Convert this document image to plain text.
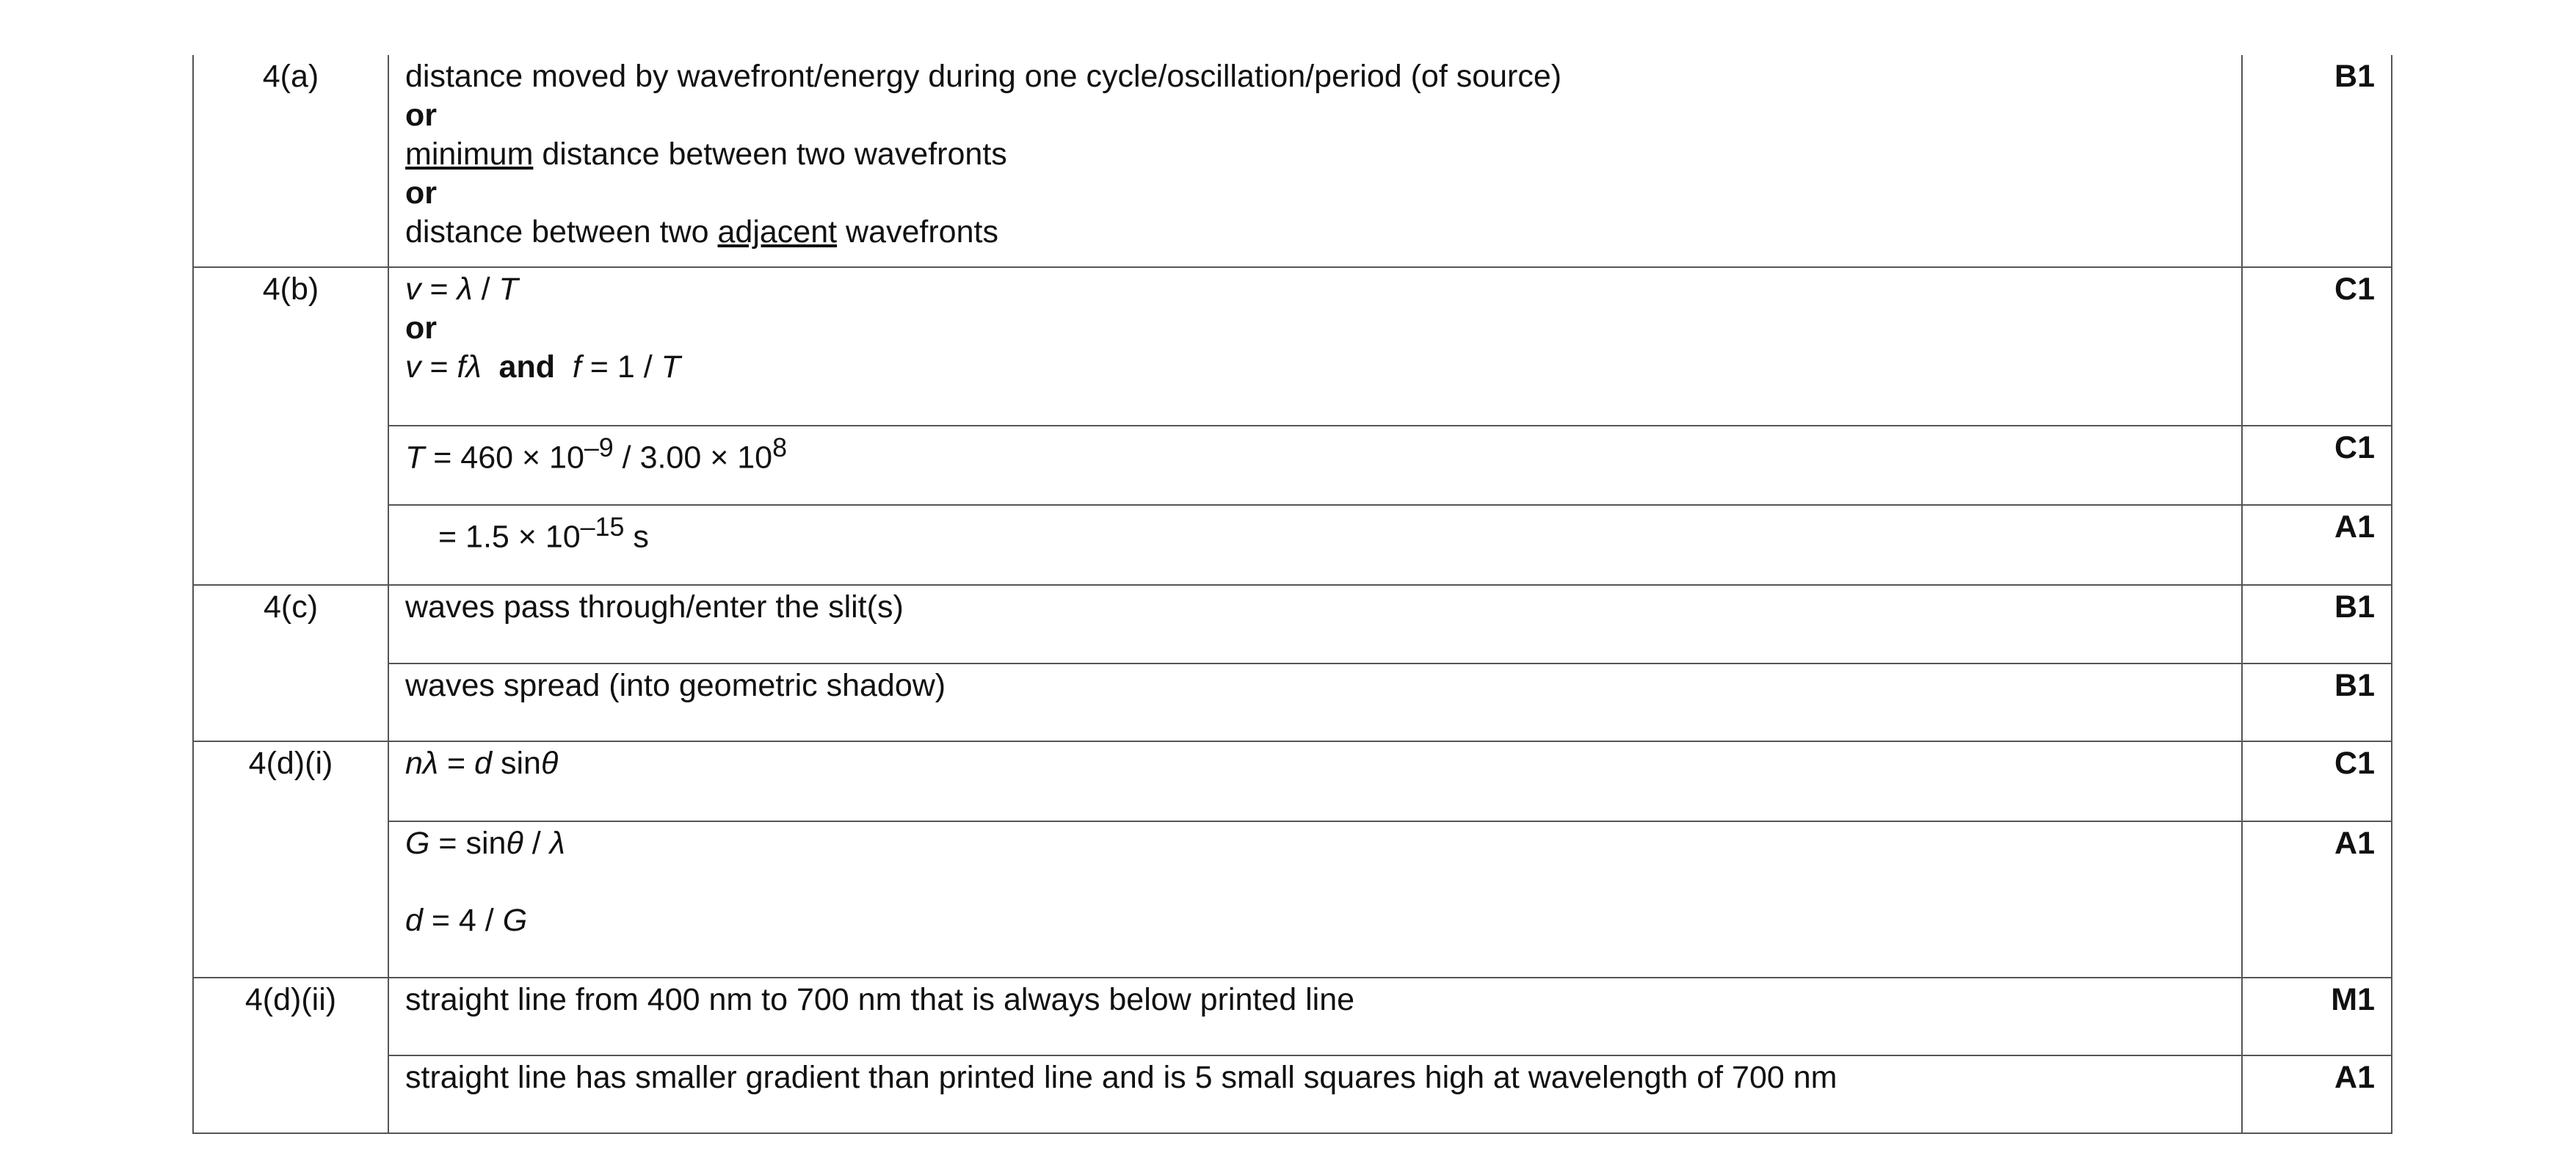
4(a)	distance moved by wavefront/energy during one cycle/oscillation/period (of source)
or
minimum distance between two wavefronts
or
distance between two adjacent wavefronts	B1
4(b)	v = λ / T
or
v = fλ and f = 1 / T	C1

	$T = 460 \times 10^{-9} / 3.00 \times 10^8$	C1

	= $1.5 \times 10^{-15}$ s	A1
4(c)	waves pass through/enter the slit(s)	B1

	waves spread (into geometric shadow)	B1
4(d)(i)	nλ = d sinθ	C1

	G = sinθ / λ
d = 4 / G	A1
4(d)(ii)	straight line from 400 nm to 700 nm that is always below printed line	M1

	straight line has smaller gradient than printed line and is 5 small squares high at wavelength of 700 nm	A1
